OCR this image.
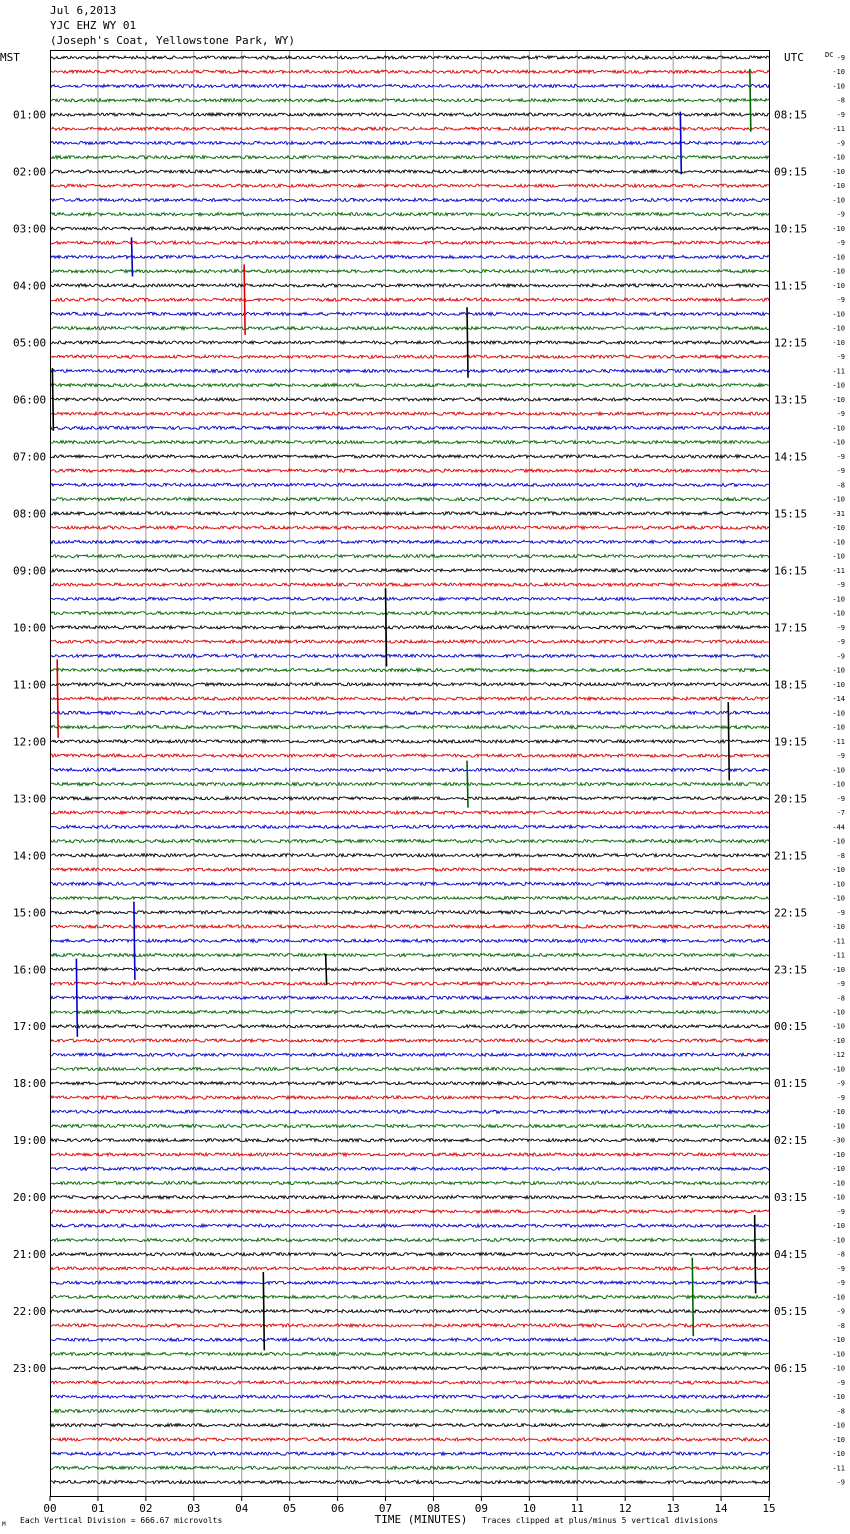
Jul 6,2013
YJC EHZ WY 01
(Joseph's Coat, Yellowstone Park, WY)
01:00
02:00
03:00
04:00
05:00
06:00
07:00
08:00
09:00
10:00
11:00
12:00
13:00
14:00
15:00
16:00
17:00
18:00
19:00
20:00
21:00
22:00
23:00
08:15
09:15
10:15
11:15
12:15
13:15
14:15
15:15
16:15
17:15
18:15
19:15
20:15
21:15
22:15
23:15
00:15
01:15
02:15
03:15
04:15
05:15
06:15
-9
-10
-10
-8
-9
-11
-9
-10
-10
-10
-10
-9
-10
-9
-10
-10
-10
-9
-10
-10
-10
-9
-11
-10
-10
-9
-10
-10
-9
-9
-8
-10
-31
-10
-10
-10
-11
-9
-10
-10
-9
-9
-9
-10
-10
-14
-10
-10
-11
-9
-10
-10
-9
-7
-44
-10
-8
-10
-10
-10
-9
-10
-11
-11
-10
-9
-8
-10
-10
-10
-12
-10
-9
-9
-10
-10
-30
-10
-10
-10
-10
-9
-10
-10
-8
-9
-9
-10
-9
-8
-10
-10
-10
-9
-10
-8
-10
-10
-10
-11
-9
00	01	02	03	04	05	06	07	08	09	10	11	12	13	14	15
MST	UTC	DC
TIME (MINUTES)
Each Vertical Division = 666.67 microvolts	Traces clipped at plus/minus 5 vertical divisions
M
